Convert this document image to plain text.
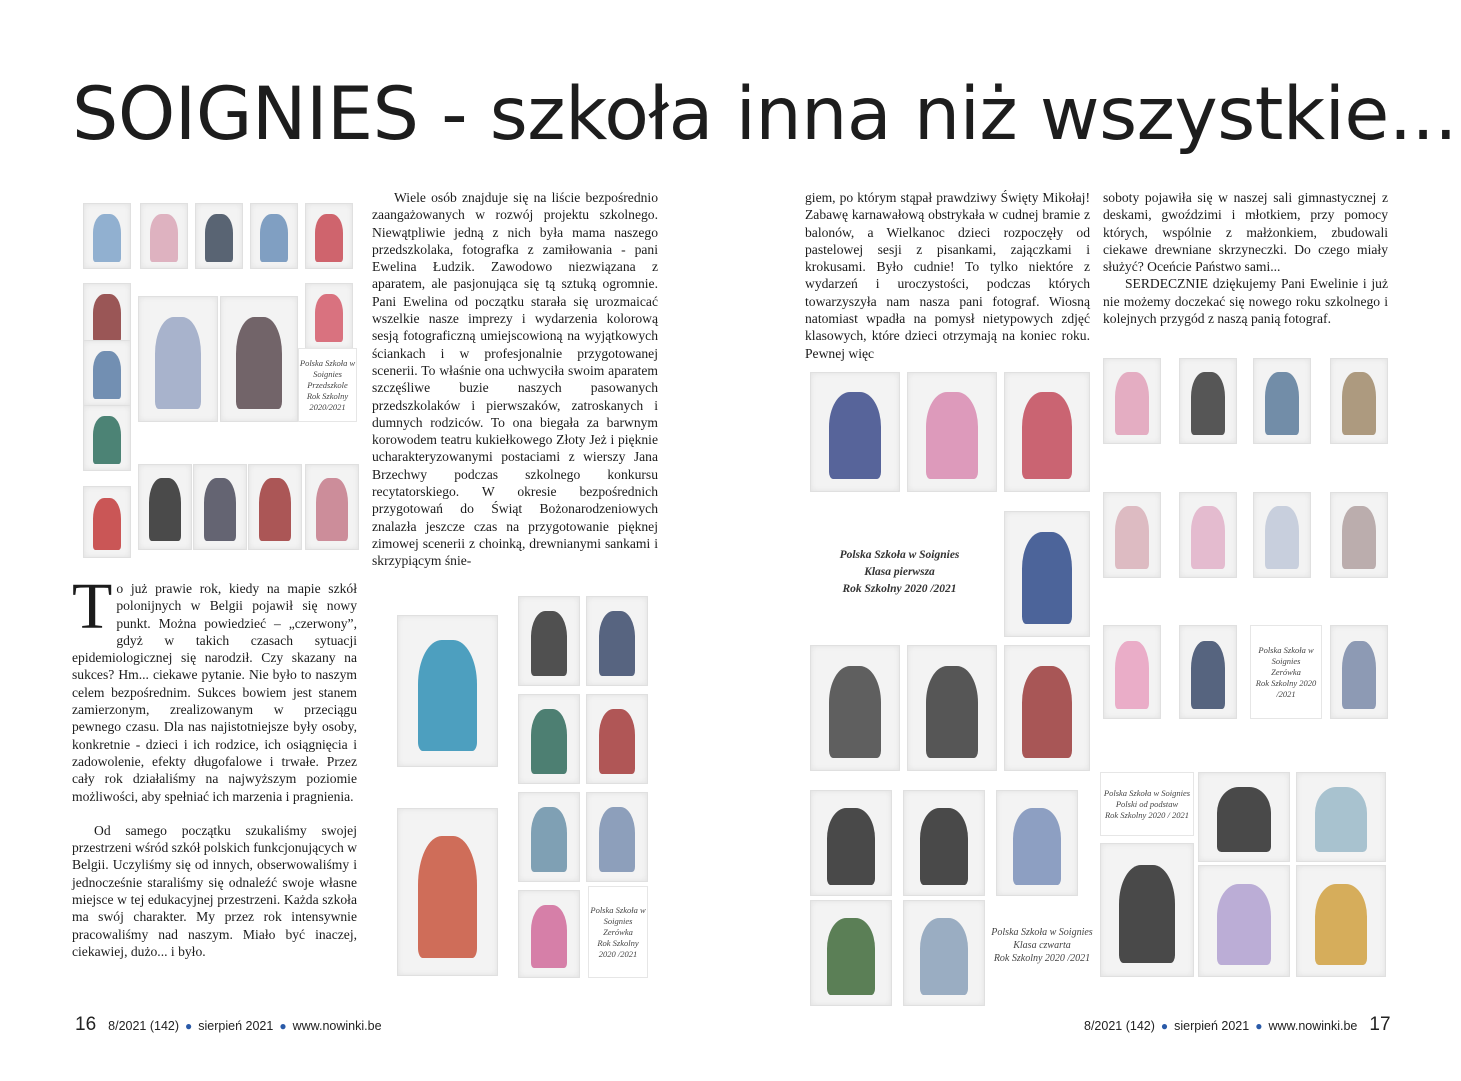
SOIGNIES - szkoła inna niż wszystkie...

To już prawie rok, kiedy na mapie szkół polonijnych w Belgii pojawił się nowy punkt. Można powiedzieć – „czerwony”, gdyż w takich czasach sytuacji epidemiologicznej się narodził. Czy skazany na sukces? Hm... ciekawe pytanie. Nie było to naszym celem bezpośrednim. Sukces bowiem jest stanem zamierzonym, zrealizowanym w przeciągu pewnego czasu. Dla nas najistotniejsze były osoby, konkretnie - dzieci i ich rodzice, ich osiągnięcia i zadowolenie, efekty długofalowe i trwałe. Przez cały rok działaliśmy na najwyższym poziomie możliwości, aby spełniać ich marzenia i pragnienia.

Od samego początku szukaliśmy swojej przestrzeni wśród szkół polskich funkcjonujących w Belgii. Uczyliśmy się od innych, obserwowaliśmy i jednocześnie staraliśmy się odnaleźć swoje własne miejsce w tej edukacyjnej przestrzeni. Każda szkoła ma swój charakter. My przez rok intensywnie pracowaliśmy nad naszym. Miało być inaczej, ciekawiej, dużo... i było.

Wiele osób znajduje się na liście bezpośrednio zaangażowanych w rozwój projektu szkolnego. Niewątpliwie jedną z nich była mama naszego przedszkolaka, fotografka z zamiłowania - pani Ewelina Łudzik. Zawodowo niezwiązana z aparatem, ale pasjonująca się tą sztuką ogromnie. Pani Ewelina od początku starała się urozmaicać wszelkie nasze imprezy i wydarzenia kolorową sesją fotograficzną umiejscowioną na wyjątkowych ściankach i w profesjonalnie przygotowanej scenerii. To właśnie ona uchwyciła swoim aparatem szczęśliwe buzie naszych pasowanych przedszkolaków i pierwszaków, zatroskanych i dumnych rodziców. To ona biegała za barwnym korowodem teatru kukiełkowego Złoty Jeż i pięknie ucharakteryzowanymi postaciami z wierszy Jana Brzechwy podczas szkolnego konkursu recytatorskiego. W okresie bezpośrednich przygotowań do Świąt Bożonarodzeniowych znalazła jeszcze czas na przygotowanie pięknej zimowej scenerii z choinką, drewnianymi sankami i skrzypiącym śnie-

giem, po którym stąpał prawdziwy Święty Mikołaj! Zabawę karnawałową obstrykała w cudnej bramie z balonów, a Wielkanoc dzieci rozpoczęły od pastelowej sesji z pisankami, zajączkami i krokusami. Było cudnie! To tylko niektóre z wydarzeń i uroczystości, podczas których towarzyszyła nam nasza pani fotograf. Wiosną natomiast wpadła na pomysł nietypowych zdjęć klasowych, które dzieci otrzymają na koniec roku. Pewnej więc

soboty pojawiła się w naszej sali gimnastycznej z deskami, gwoździmi i młotkiem, przy pomocy których, wspólnie z małżonkiem, zbudowali ciekawe drewniane skrzyneczki. Do czego miały służyć? Oceńcie Państwo sami...

SERDECZNIE dziękujemy Pani Ewelinie i już nie możemy doczekać się nowego roku szkolnego i kolejnych przygód z naszą panią fotograf.

Polska Szkoła w Soignies
Przedszkole
Rok Szkolny 2020/2021
Polska Szkoła w Soignies
Zerówka
Rok Szkolny 2020 /2021
Polska Szkoła w Soignies
Klasa pierwsza
Rok Szkolny 2020 /2021
Polska Szkoła w Soignies
Zerówka
Rok Szkolny 2020 /2021
Polska Szkoła w Soignies
Polski od podstaw
Rok Szkolny 2020 / 2021
Polska Szkoła w Soignies
Klasa czwarta
Rok Szkolny 2020 /2021
16 8/2021 (142) ● sierpień 2021 ● www.nowinki.be	8/2021 (142) ● sierpień 2021 ● www.nowinki.be 17
